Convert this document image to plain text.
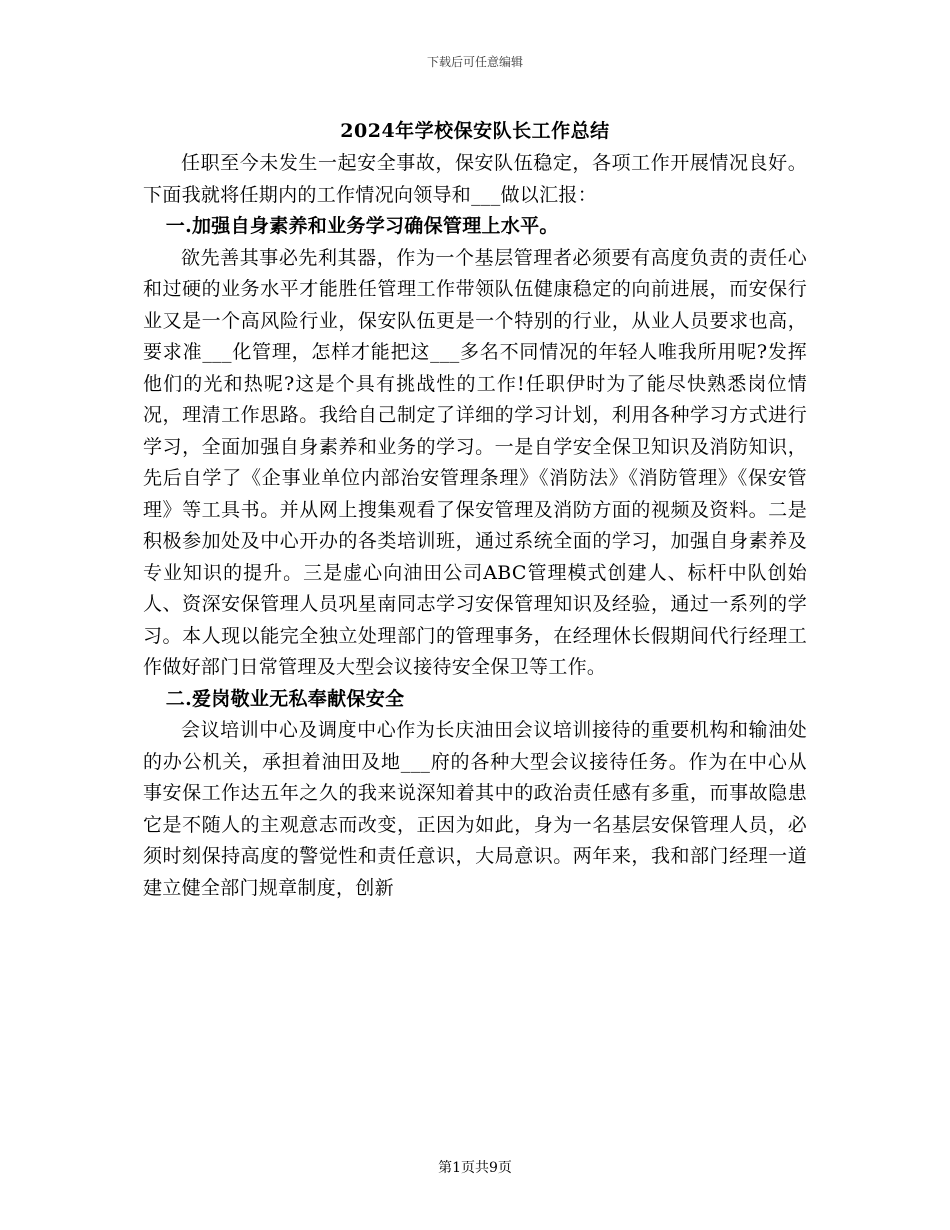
下载后可任意编辑
2024年学校保安队长工作总结

任职至今未发生一起安全事故，保安队伍稳定，各项工作开展情况良好。下面我就将任期内的工作情况向领导和___做以汇报：

一.加强自身素养和业务学习确保管理上水平。

欲先善其事必先利其器，作为一个基层管理者必须要有高度负责的责任心和过硬的业务水平才能胜任管理工作带领队伍健康稳定的向前进展，而安保行业又是一个高风险行业，保安队伍更是一个特别的行业，从业人员要求也高，要求准___化管理，怎样才能把这___多名不同情况的年轻人唯我所用呢?发挥他们的光和热呢?这是个具有挑战性的工作!任职伊时为了能尽快熟悉岗位情况，理清工作思路。我给自己制定了详细的学习计划，利用各种学习方式进行学习，全面加强自身素养和业务的学习。一是自学安全保卫知识及消防知识，先后自学了《企事业单位内部治安管理条理》《消防法》《消防管理》《保安管理》等工具书。并从网上搜集观看了保安管理及消防方面的视频及资料。二是积极参加处及中心开办的各类培训班，通过系统全面的学习，加强自身素养及专业知识的提升。三是虚心向油田公司ABC管理模式创建人、标杆中队创始人、资深安保管理人员巩星南同志学习安保管理知识及经验，通过一系列的学习。本人现以能完全独立处理部门的管理事务，在经理休长假期间代行经理工作做好部门日常管理及大型会议接待安全保卫等工作。

二.爱岗敬业无私奉献保安全

会议培训中心及调度中心作为长庆油田会议培训接待的重要机构和输油处的办公机关，承担着油田及地___府的各种大型会议接待任务。作为在中心从事安保工作达五年之久的我来说深知着其中的政治责任感有多重，而事故隐患它是不随人的主观意志而改变，正因为如此，身为一名基层安保管理人员，必须时刻保持高度的警觉性和责任意识，大局意识。两年来，我和部门经理一道建立健全部门规章制度，创新

第1页共9页
